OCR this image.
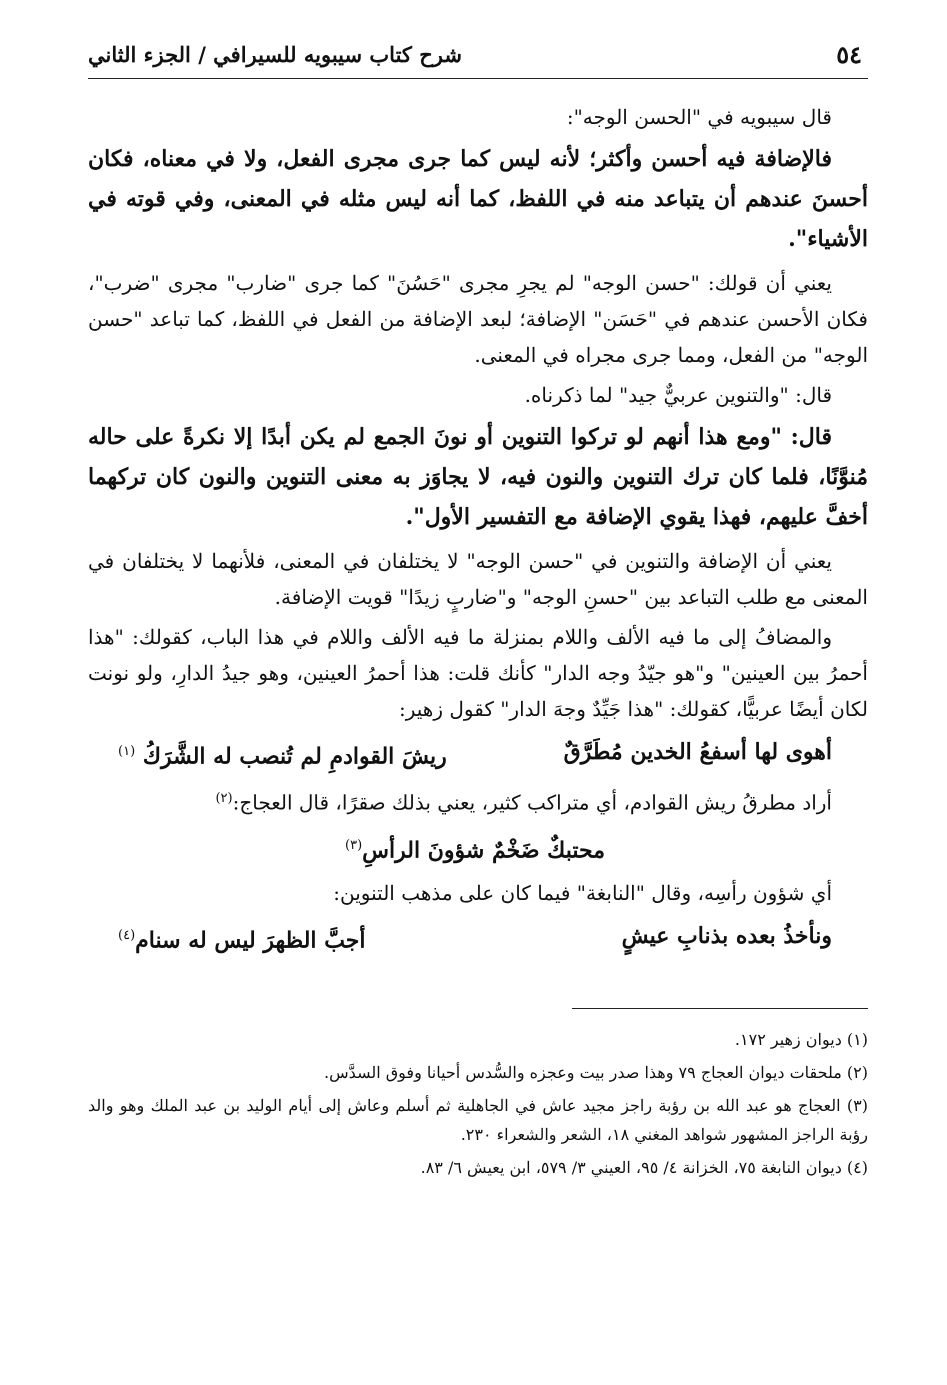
٥٤
شرح كتاب سيبويه للسيرافي / الجزء الثاني

قال سيبويه في "الحسن الوجه":

فالإضافة فيه أحسن وأكثر؛ لأنه ليس كما جرى مجرى الفعل، ولا في معناه، فكان أحسنَ عندهم أن يتباعد منه في اللفظ، كما أنه ليس مثله في المعنى، وفي قوته في الأشياء".

يعني أن قولك: "حسن الوجه" لم يجرِ مجرى "حَسُنَ" كما جرى "ضارب" مجرى "ضرب"، فكان الأحسن عندهم في "حَسَن" الإضافة؛ لبعد الإضافة من الفعل في اللفظ، كما تباعد "حسن الوجه" من الفعل، ومما جرى مجراه في المعنى.

قال: "والتنوين عربيٌّ جيد" لما ذكرناه.

قال: "ومع هذا أنهم لو تركوا التنوين أو نونَ الجمع لم يكن أبدًا إلا نكرةً على حاله مُنوَّنًا، فلما كان ترك التنوين والنون فيه، لا يجاوَز به معنى التنوين والنون كان تركهما أخفَّ عليهم، فهذا يقوي الإضافة مع التفسير الأول".

يعني أن الإضافة والتنوين في "حسن الوجه" لا يختلفان في المعنى، فلأنهما لا يختلفان في المعنى مع طلب التباعد بين "حسنِ الوجه" و"ضاربٍ زيدًا" قويت الإضافة.

والمضافُ إلى ما فيه الألف واللام بمنزلة ما فيه الألف واللام في هذا الباب، كقولك: "هذا أحمرُ بين العينين" و"هو جيّدُ وجه الدار" كأنك قلت: هذا أحمرُ العينين، وهو جيدُ الدارِ، ولو نونت لكان أيضًا عربيًّا، كقولك: "هذا جَيِّدٌ وجهَ الدار" كقول زهير:

أهوى لها أسفعُ الخدين مُطَرَّقٌ
ريشَ القوادمِ لم تُنصب له الشَّرَكُ $^{(١)}$

أراد مطرقُ ريش القوادم، أي متراكب كثير، يعني بذلك صقرًا، قال العجاج:$^{(٢)}$

محتبكٌ ضَخْمٌ شؤونَ الرأسِ$^{(٣)}$

أي شؤون رأسِه، وقال "النابغة" فيما كان على مذهب التنوين:

ونأخذُ بعده بذنابِ عيشٍ
أجبَّ الظهرَ ليس له سنام$^{(٤)}$

(١) ديوان زهير ١٧٢.

(٢) ملحقات ديوان العجاج ٧٩ وهذا صدر بيت وعجزه والسُّدس أحيانا وفوق السدَّس.

(٣) العجاج هو عبد الله بن رؤبة راجز مجيد عاش في الجاهلية ثم أسلم وعاش إلى أيام الوليد بن عبد الملك وهو والد رؤبة الراجز المشهور شواهد المغني ١٨، الشعر والشعراء ٢٣٠.

(٤) ديوان النابغة ٧٥، الخزانة ٤/ ٩٥، العيني ٣/ ٥٧٩، ابن يعيش ٦/ ٨٣.
